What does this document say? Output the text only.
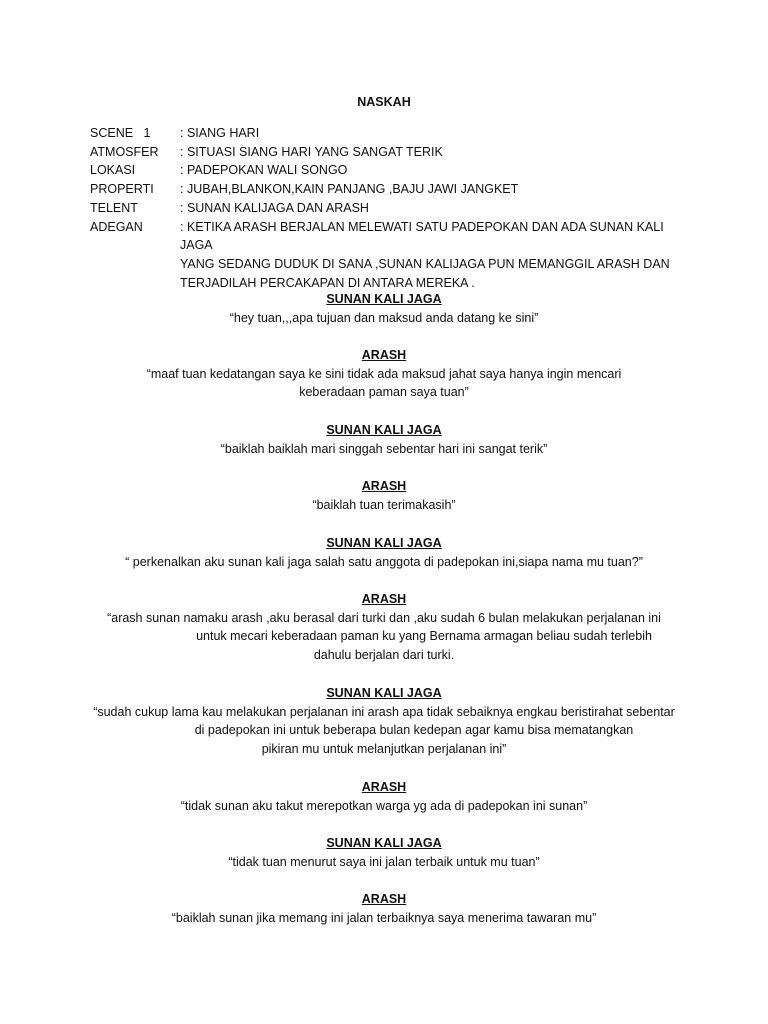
NASKAH
SCENE   1	: SIANG HARI
ATMOSFER	: SITUASI SIANG HARI YANG SANGAT TERIK
LOKASI	: PADEPOKAN WALI SONGO
PROPERTI	: JUBAH,BLANKON,KAIN PANJANG ,BAJU JAWI JANGKET
TELENT	: SUNAN KALIJAGA DAN ARASH
ADEGAN	: KETIKA ARASH BERJALAN MELEWATI SATU PADEPOKAN DAN ADA SUNAN KALI JAGA
YANG SEDANG DUDUK DI SANA ,SUNAN KALIJAGA PUN MEMANGGIL ARASH DAN
TERJADILAH PERCAKAPAN DI ANTARA MEREKA .
SUNAN KALI JAGA
“hey tuan,,,apa tujuan dan maksud anda datang ke sini”
ARASH
“maaf tuan kedatangan saya ke sini tidak ada maksud jahat saya hanya ingin mencari
keberadaan paman saya tuan”
SUNAN KALI JAGA
“baiklah baiklah mari singgah sebentar hari ini sangat terik”
ARASH
“baiklah tuan terimakasih”
SUNAN KALI JAGA
“ perkenalkan aku sunan kali jaga salah satu anggota di padepokan ini,siapa nama mu tuan?”
ARASH
“arash sunan namaku arash ,aku berasal dari turki dan ,aku sudah 6 bulan melakukan perjalanan ini
untuk mecari keberadaan paman ku yang Bernama armagan beliau sudah terlebih
dahulu berjalan dari turki.
SUNAN KALI JAGA
“sudah cukup lama kau melakukan perjalanan ini arash apa tidak sebaiknya engkau beristirahat sebentar
di padepokan ini untuk beberapa bulan kedepan agar kamu bisa mematangkan
pikiran mu untuk melanjutkan perjalanan ini”
ARASH
“tidak sunan aku takut merepotkan warga yg ada di padepokan ini sunan”
SUNAN KALI JAGA
“tidak tuan menurut saya ini jalan terbaik untuk mu tuan”
ARASH
“baiklah sunan jika memang ini jalan terbaiknya saya menerima tawaran mu”
